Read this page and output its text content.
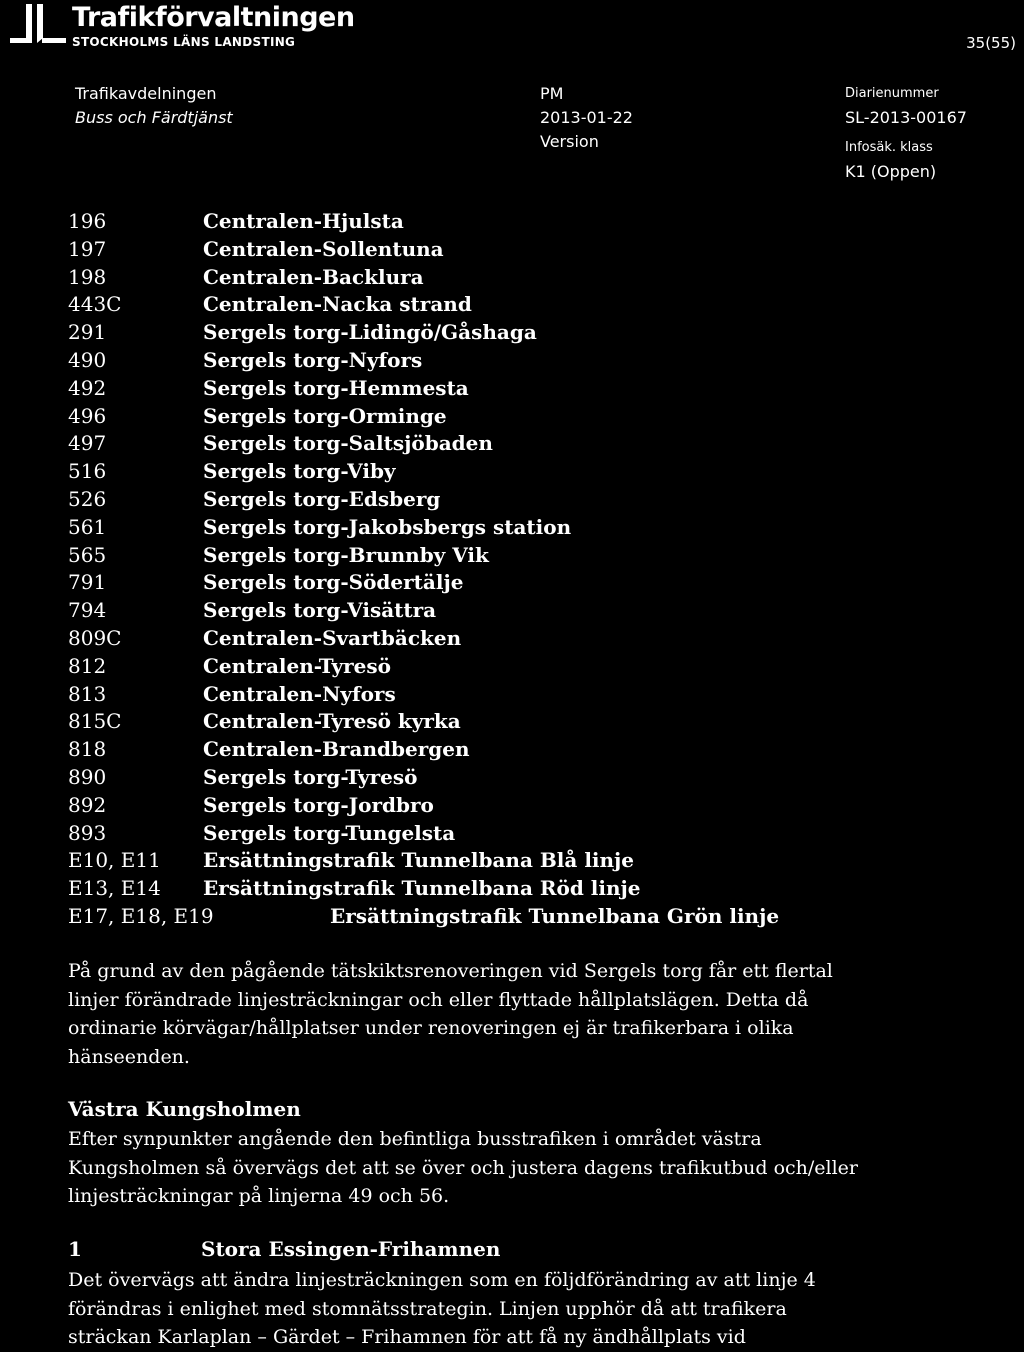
Trafikförvaltningen
STOCKHOLMS LÄNS LANDSTING	35(55)
Trafikavdelningen
Buss och Färdtjänst
PM
2013-01-22
Version
Diarienummer
SL-2013-00167
Infosäk. klass
K1 (Oppen)
196	Centralen-Hjulsta
197	Centralen-Sollentuna
198	Centralen-Backlura
443C	Centralen-Nacka strand
291	Sergels torg-Lidingö/Gåshaga
490	Sergels torg-Nyfors
492	Sergels torg-Hemmesta
496	Sergels torg-Orminge
497	Sergels torg-Saltsjöbaden
516	Sergels torg-Viby
526	Sergels torg-Edsberg
561	Sergels torg-Jakobsbergs station
565	Sergels torg-Brunnby Vik
791	Sergels torg-Södertälje
794	Sergels torg-Visättra
809C	Centralen-Svartbäcken
812	Centralen-Tyresö
813	Centralen-Nyfors
815C	Centralen-Tyresö kyrka
818	Centralen-Brandbergen
890	Sergels torg-Tyresö
892	Sergels torg-Jordbro
893	Sergels torg-Tungelsta
E10, E11 Ersättningstrafik Tunnelbana Blå linje
E13, E14 Ersättningstrafik Tunnelbana Röd linje
E17, E18, E19	Ersättningstrafik Tunnelbana Grön linje

På grund av den pågående tätskiktsrenoveringen vid Sergels torg får ett flertal linjer förändrade linjesträckningar och eller flyttade hållplatslägen. Detta då ordinarie körvägar/hållplatser under renoveringen ej är trafikerbara i olika hänseenden.

Västra Kungsholmen

Efter synpunkter angående den befintliga busstrafiken i området västra Kungsholmen så övervägs det att se över och justera dagens trafikutbud och/eller linjesträckningar på linjerna 49 och 56.

1	Stora Essingen-Frihamnen

Det övervägs att ändra linjesträckningen som en följdförändring av att linje 4 förändras i enlighet med stomnätsstrategin. Linjen upphör då att trafikera sträckan Karlaplan – Gärdet – Frihamnen för att få ny ändhållplats vid
